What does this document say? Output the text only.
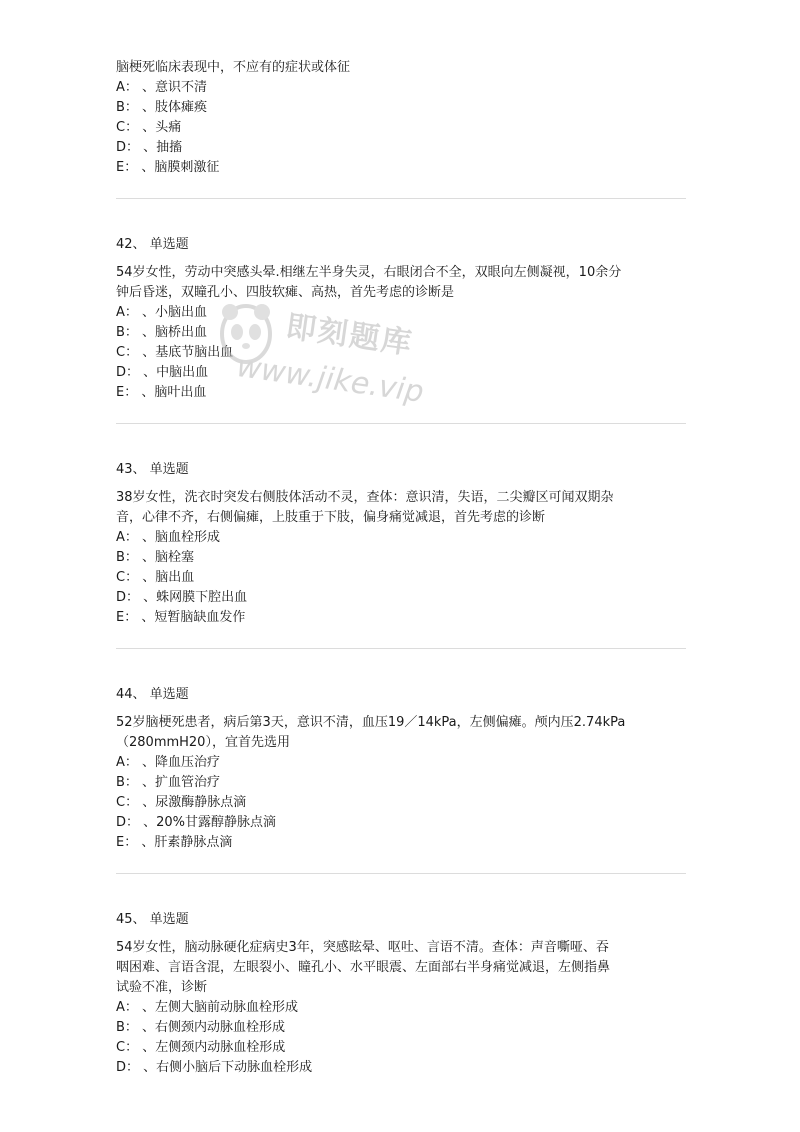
脑梗死临床表现中，不应有的症状或体征
A： 、意识不清
B： 、肢体瘫痪
C： 、头痛
D： 、抽搐
E： 、脑膜刺激征
42、 单选题
54岁女性，劳动中突感头晕.相继左半身失灵，右眼闭合不全，双眼向左侧凝视，10余分
钟后昏迷，双瞳孔小、四肢软瘫、高热，首先考虑的诊断是
A： 、小脑出血
B： 、脑桥出血
C： 、基底节脑出血
D： 、中脑出血
E： 、脑叶出血
43、 单选题
38岁女性，洗衣时突发右侧肢体活动不灵，查体：意识清，失语，二尖瓣区可闻双期杂
音，心律不齐，右侧偏瘫，上肢重于下肢，偏身痛觉减退，首先考虑的诊断
A： 、脑血栓形成
B： 、脑栓塞
C： 、脑出血
D： 、蛛网膜下腔出血
E： 、短暂脑缺血发作
44、 单选题
52岁脑梗死患者，病后第3天，意识不清，血压19／14kPa，左侧偏瘫。颅内压2.74kPa
（280mmH20），宜首先选用
A： 、降血压治疗
B： 、扩血管治疗
C： 、尿激酶静脉点滴
D： 、20%甘露醇静脉点滴
E： 、肝素静脉点滴
45、 单选题
54岁女性，脑动脉硬化症病史3年，突感眩晕、呕吐、言语不清。查体：声音嘶哑、吞
咽困难、言语含混，左眼裂小、瞳孔小、水平眼震、左面部右半身痛觉减退，左侧指鼻
试验不准，诊断
A： 、左侧大脑前动脉血栓形成
B： 、右侧颈内动脉血栓形成
C： 、左侧颈内动脉血栓形成
D： 、右侧小脑后下动脉血栓形成
即刻题库
www.jike.vip
